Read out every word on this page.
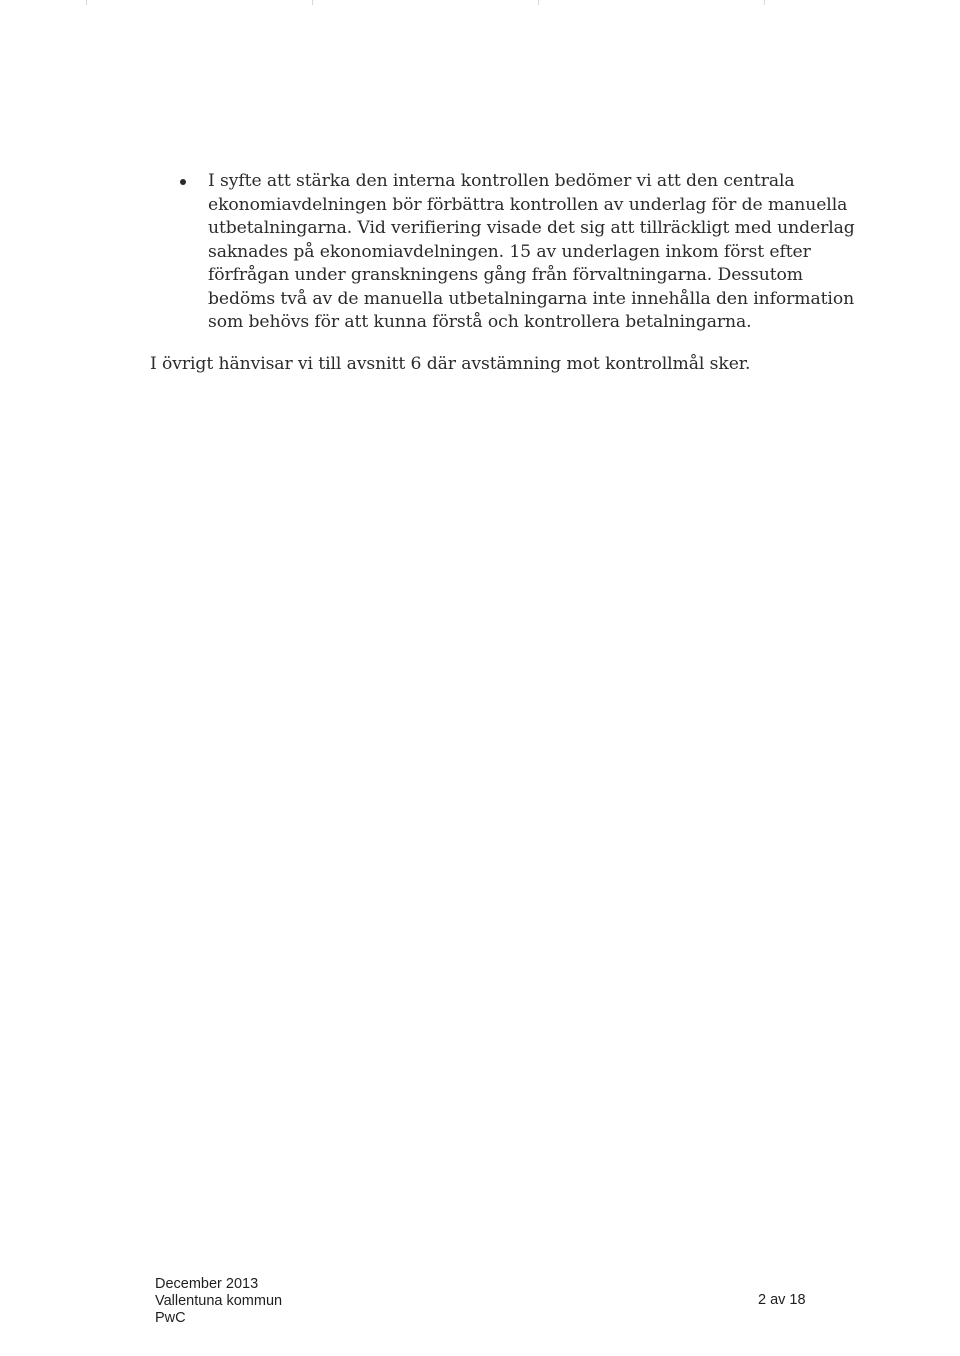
I syfte att stärka den interna kontrollen bedömer vi att den centrala
ekonomiavdelningen bör förbättra kontrollen av underlag för de manuella
utbetalningarna. Vid verifiering visade det sig att tillräckligt med underlag
saknades på ekonomiavdelningen. 15 av underlagen inkom först efter
förfrågan under granskningens gång från förvaltningarna. Dessutom
bedöms två av de manuella utbetalningarna inte innehålla den information
som behövs för att kunna förstå och kontrollera betalningarna.

I övrigt hänvisar vi till avsnitt 6 där avstämning mot kontrollmål sker.

December 2013
Vallentuna kommun
PwC
2 av 18
